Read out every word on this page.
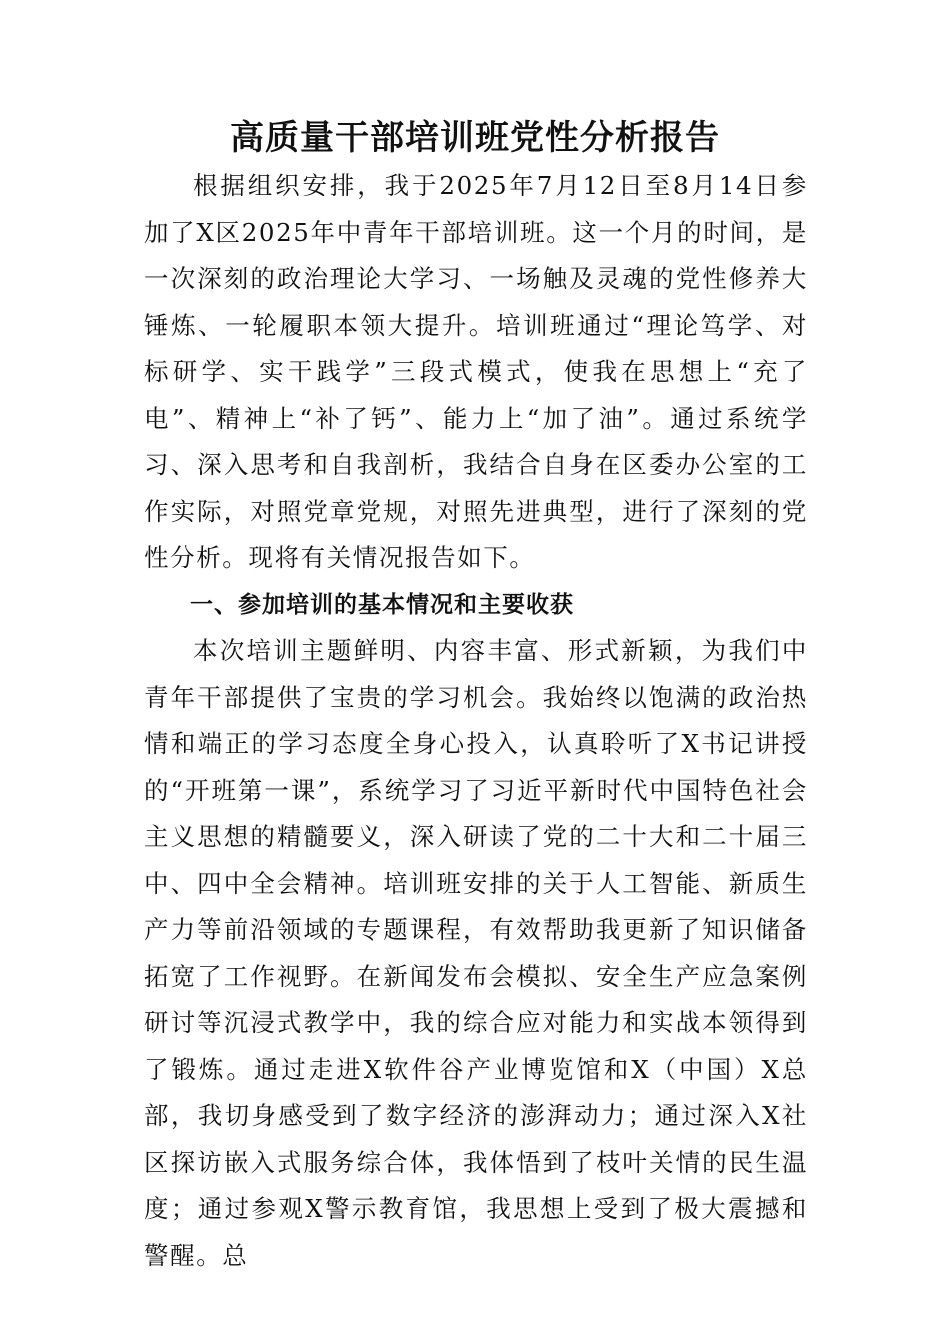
高质量干部培训班党性分析报告

根据组织安排，我于2025年7月12日至8月14日参加了X区2025年中青年干部培训班。这一个月的时间，是一次深刻的政治理论大学习、一场触及灵魂的党性修养大锤炼、一轮履职本领大提升。培训班通过“理论笃学、对标研学、实干践学”三段式模式，使我在思想上“充了电”、精神上“补了钙”、能力上“加了油”。通过系统学习、深入思考和自我剖析，我结合自身在区委办公室的工作实际，对照党章党规，对照先进典型，进行了深刻的党性分析。现将有关情况报告如下。

一、参加培训的基本情况和主要收获

本次培训主题鲜明、内容丰富、形式新颖，为我们中青年干部提供了宝贵的学习机会。我始终以饱满的政治热情和端正的学习态度全身心投入，认真聆听了X书记讲授的“开班第一课”，系统学习了习近平新时代中国特色社会主义思想的精髓要义，深入研读了党的二十大和二十届三中、四中全会精神。培训班安排的关于人工智能、新质生产力等前沿领域的专题课程，有效帮助我更新了知识储备拓宽了工作视野。在新闻发布会模拟、安全生产应急案例研讨等沉浸式教学中，我的综合应对能力和实战本领得到了锻炼。通过走进X软件谷产业博览馆和X（中国）X总部，我切身感受到了数字经济的澎湃动力；通过深入X社区探访嵌入式服务综合体，我体悟到了枝叶关情的民生温度；通过参观X警示教育馆，我思想上受到了极大震撼和警醒。总
